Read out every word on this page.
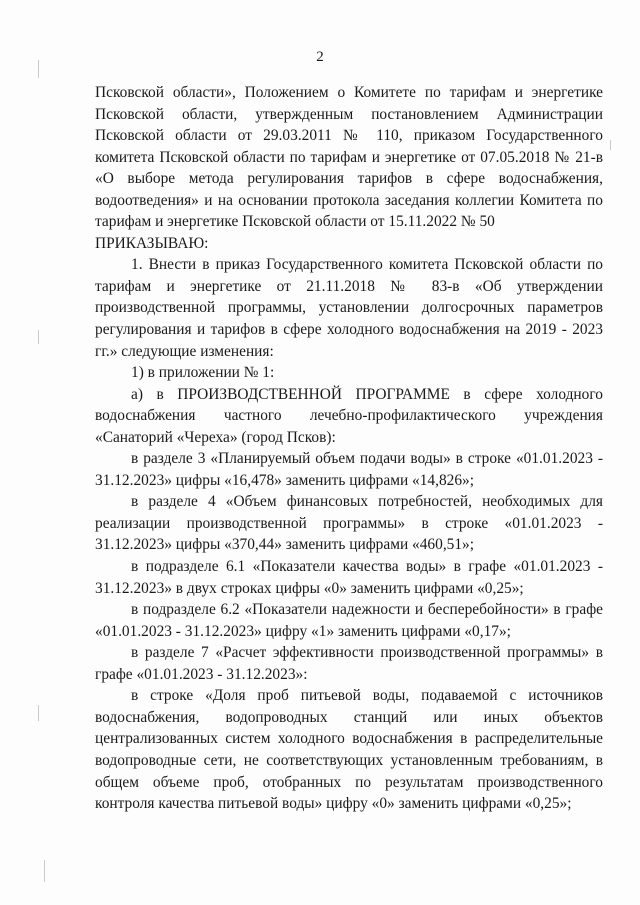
2

Псковской области», Положением о Комитете по тарифам и энергетике Псковской области, утвержденным постановлением Администрации Псковской области от 29.03.2011 № 110, приказом Государственного комитета Псковской области по тарифам и энергетике от 07.05.2018 № 21-в «О выборе метода регулирования тарифов в сфере водоснабжения, водоотведения» и на основании протокола заседания коллегии Комитета по тарифам и энергетике Псковской области от 15.11.2022 № 50

ПРИКАЗЫВАЮ:

1. Внести в приказ Государственного комитета Псковской области по тарифам и энергетике от 21.11.2018 № 83-в «Об утверждении производственной программы, установлении долгосрочных параметров регулирования и тарифов в сфере холодного водоснабжения на 2019 - 2023 гг.» следующие изменения:

1) в приложении № 1:

а) в ПРОИЗВОДСТВЕННОЙ ПРОГРАММЕ в сфере холодного водоснабжения частного лечебно-профилактического учреждения «Санаторий «Череха» (город Псков):

в разделе 3 «Планируемый объем подачи воды» в строке «01.01.2023 - 31.12.2023» цифры «16,478» заменить цифрами «14,826»;

в разделе 4 «Объем финансовых потребностей, необходимых для реализации производственной программы» в строке «01.01.2023 - 31.12.2023» цифры «370,44» заменить цифрами «460,51»;

в подразделе 6.1 «Показатели качества воды» в графе «01.01.2023 - 31.12.2023» в двух строках цифры «0» заменить цифрами «0,25»;

в подразделе 6.2 «Показатели надежности и бесперебойности» в графе «01.01.2023 - 31.12.2023» цифру «1» заменить цифрами «0,17»;

в разделе 7 «Расчет эффективности производственной программы» в графе «01.01.2023 - 31.12.2023»:

в строке «Доля проб питьевой воды, подаваемой с источников водоснабжения, водопроводных станций или иных объектов централизованных систем холодного водоснабжения в распределительные водопроводные сети, не соответствующих установленным требованиям, в общем объеме проб, отобранных по результатам производственного контроля качества питьевой воды» цифру «0» заменить цифрами «0,25»;
